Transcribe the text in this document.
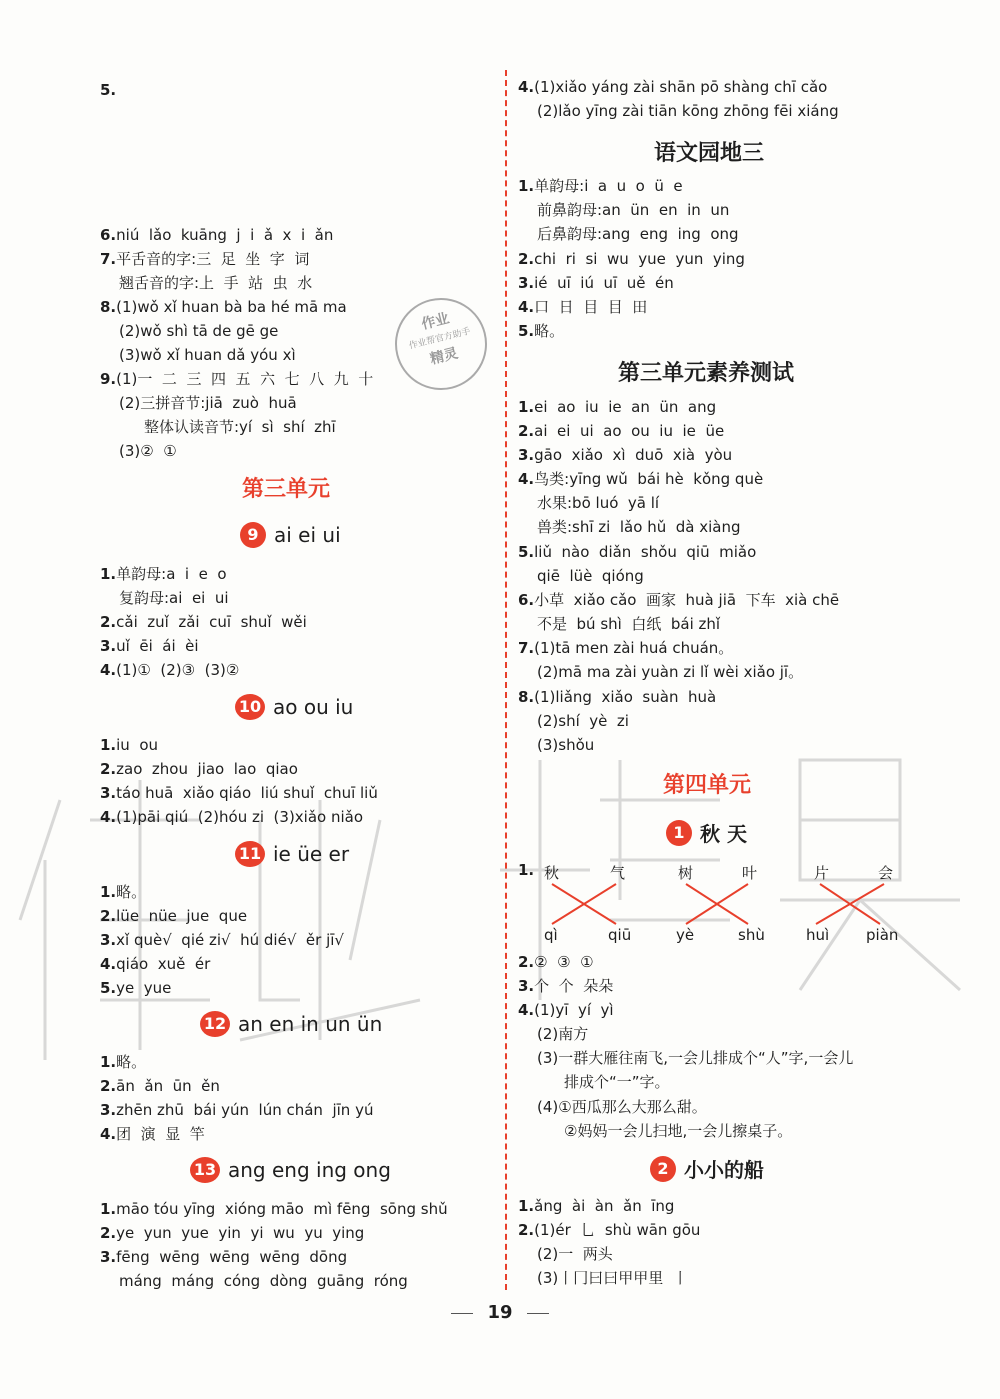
5.
6.niú  lǎo  kuāng  j  i  ǎ  x  i  ǎn
7.平舌音的字:三  足  坐  字  词
翘舌音的字:上  手  站  虫  水
8.(1)wǒ xǐ huan bà ba hé mā ma
(2)wǒ shì tā de gē ge
(3)wǒ xǐ huan dǎ yóu xì
9.(1)一  二  三  四  五  六  七  八  九  十
(2)三拼音节:jiā  zuò  huā
整体认读音节:yí  sì  shí  zhī
(3)②  ①
第三单元
9 ai ei ui
1.单韵母:a  i  e  o
复韵母:ai  ei  ui
2.cǎi  zuǐ  zǎi  cuī  shuǐ  wěi
3.uǐ  ēi  ái  èi
4.(1)①  (2)③  (3)②
10 ao ou iu
1.iu  ou
2.zao  zhou  jiao  lao  qiao
3.táo huā  xiǎo qiáo  liú shuǐ  chuī liǔ
4.(1)pāi qiú  (2)hóu zi  (3)xiǎo niǎo
11 ie üe er
1.略。
2.lüe  nüe  jue  que
3.xǐ què√  qié zi√  hú dié√  ěr jī√
4.qiáo  xuě  ér
5.ye  yue
12 an en in un ün
1.略。
2.ān  ǎn  ūn  ěn
3.zhēn zhū  bái yún  lún chán  jīn yú
4.团  演  显  竿
13 ang eng ing ong
1.māo tóu yīng  xióng māo  mì fēng  sōng shǔ
2.ye  yun  yue  yin  yi  wu  yu  ying
3.fēng  wēng  wēng  wēng  dōng
máng  máng  cóng  dòng  guāng  róng
作业
作业帮官方助手
精灵
4.(1)xiǎo yáng zài shān pō shàng chī cǎo
(2)lǎo yīng zài tiān kōng zhōng fēi xiáng
语文园地三
1.单韵母:i  a  u  o  ü  e
前鼻韵母:an  ün  en  in  un
后鼻韵母:ang  eng  ing  ong
2.chi  ri  si  wu  yue  yun  ying
3.ié  uī  iú  uī  uě  én
4.口  日  目  目  田
5.略。
第三单元素养测试
1.ei  ao  iu  ie  an  ün  ang
2.ai  ei  ui  ao  ou  iu  ie  üe
3.gāo  xiǎo  xì  duō  xià  yòu
4.鸟类:yīng wǔ  bái hè  kǒng què
水果:bō luó  yā lí
兽类:shī zi  lǎo hǔ  dà xiàng
5.liǔ  nào  diǎn  shǒu  qiū  miǎo
qiē  lüè  qióng
6.小草  xiǎo cǎo  画家  huà jiā  下车  xià chē
不是  bú shì  白纸  bái zhǐ
7.(1)tā men zài huá chuán。
(2)mā ma zài yuàn zi lǐ wèi xiǎo jī。
8.(1)liǎng  xiǎo  suàn  huà
(2)shí  yè  zi
(3)shǒu
第四单元
1 秋 天
1. 秋	气	树	叶	片	会
qì	qiū	yè	shù	huì piàn
2.②  ③  ①
3.个  个  朵朵
4.(1)yī  yí  yì
(2)南方
(3)一群大雁往南飞,一会儿排成个“人”字,一会儿
排成个“一”字。
(4)①西瓜那么大那么甜。
②妈妈一会儿扫地,一会儿擦桌子。
2 小小的船
1.ǎng  ài  àn  ǎn  īng
2.(1)ér  乚  shù wān gōu
(2)一  两头
(3)丨冂曰曰甲甲里  丨
19
